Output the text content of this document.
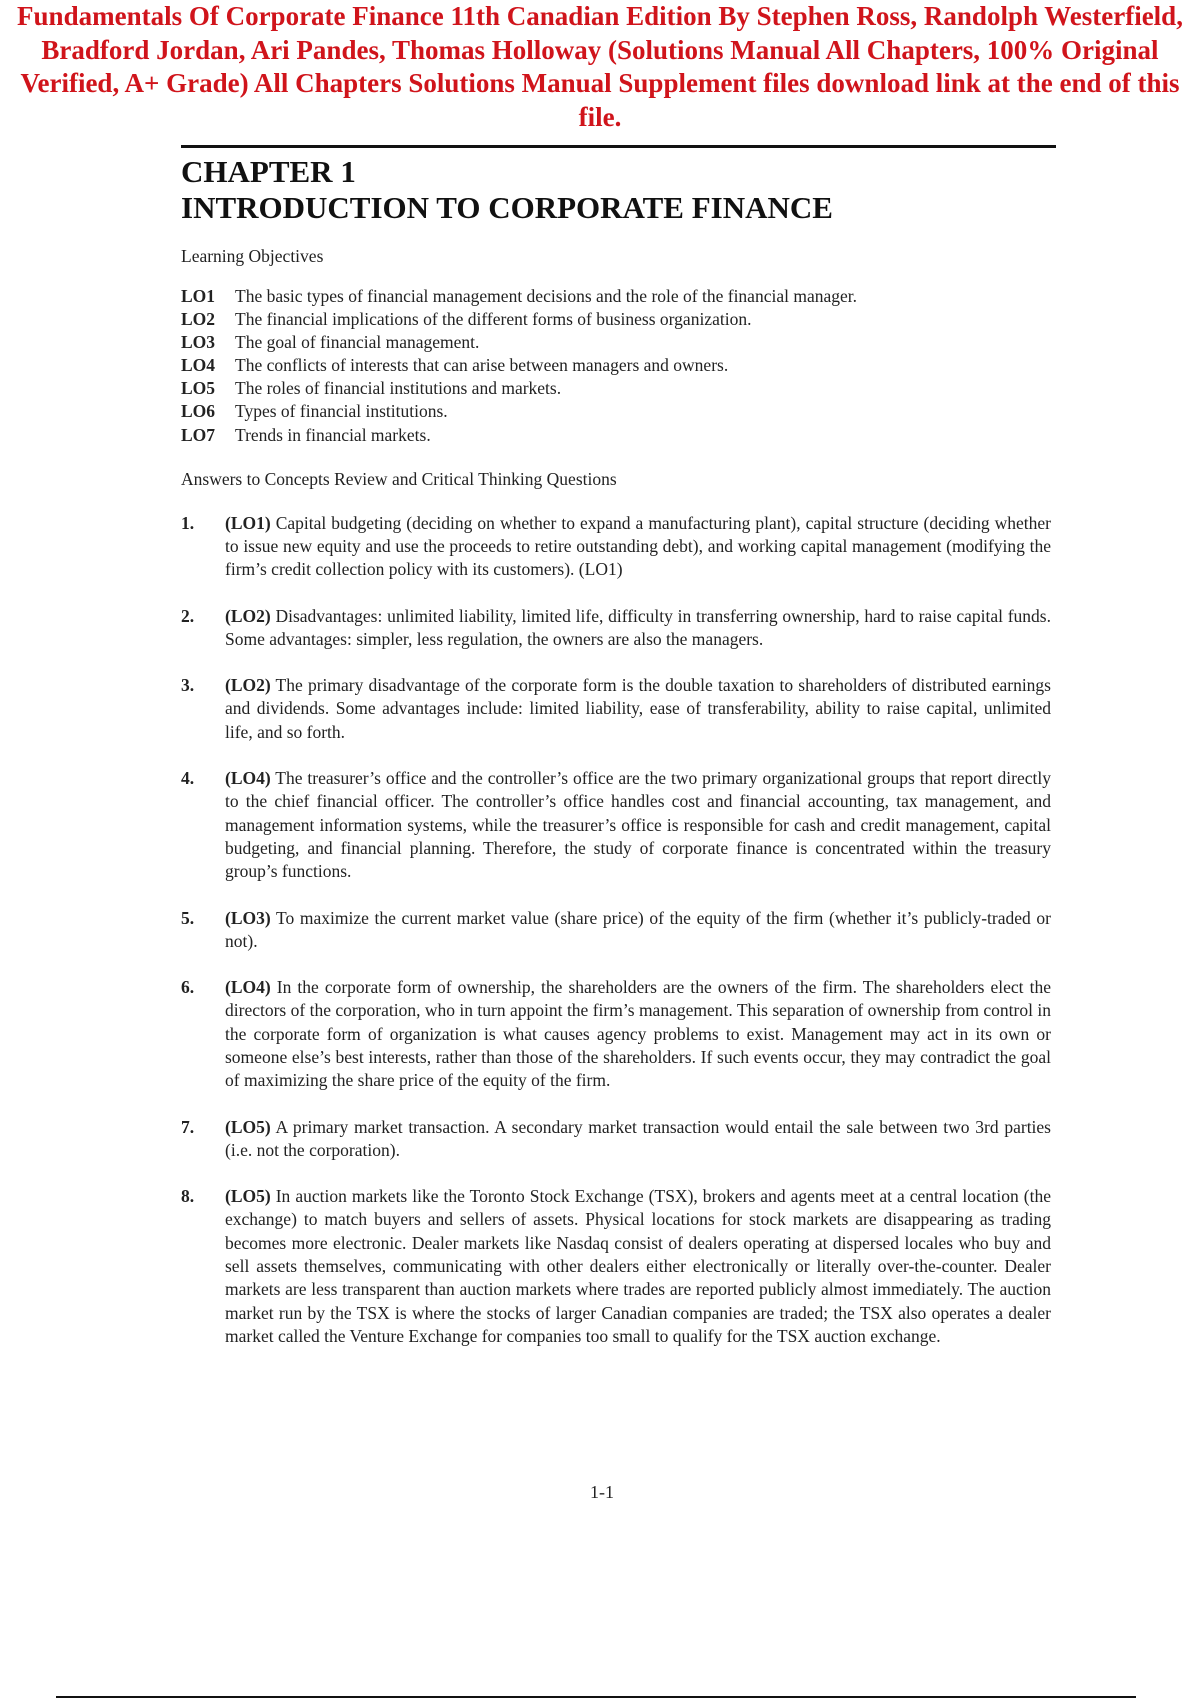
Fundamentals Of Corporate Finance 11th Canadian Edition By Stephen Ross, Randolph Westerfield,
Bradford Jordan, Ari Pandes, Thomas Holloway (Solutions Manual All Chapters, 100% Original
Verified, A+ Grade) All Chapters Solutions Manual Supplement files download link at the end of this
file.
CHAPTER 1
INTRODUCTION TO CORPORATE FINANCE
Learning Objectives
LO1	The basic types of financial management decisions and the role of the financial manager.
LO2	The financial implications of the different forms of business organization.
LO3	The goal of financial management.
LO4	The conflicts of interests that can arise between managers and owners.
LO5	The roles of financial institutions and markets.
LO6	Types of financial institutions.
LO7	Trends in financial markets.
Answers to Concepts Review and Critical Thinking Questions
1.	(LO1) Capital budgeting (deciding on whether to expand a manufacturing plant), capital structure (deciding whether to issue new equity and use the proceeds to retire outstanding debt), and working capital management (modifying the firm’s credit collection policy with its customers). (LO1)
2.	(LO2) Disadvantages: unlimited liability, limited life, difficulty in transferring ownership, hard to raise capital funds. Some advantages: simpler, less regulation, the owners are also the managers.
3.	(LO2) The primary disadvantage of the corporate form is the double taxation to shareholders of distributed earnings and dividends. Some advantages include: limited liability, ease of transferability, ability to raise capital, unlimited life, and so forth.
4.	(LO4) The treasurer’s office and the controller’s office are the two primary organizational groups that report directly to the chief financial officer. The controller’s office handles cost and financial accounting, tax management, and management information systems, while the treasurer’s office is responsible for cash and credit management, capital budgeting, and financial planning. Therefore, the study of corporate finance is concentrated within the treasury group’s functions.
5.	(LO3) To maximize the current market value (share price) of the equity of the firm (whether it’s publicly-traded or not).
6.	(LO4) In the corporate form of ownership, the shareholders are the owners of the firm. The shareholders elect the directors of the corporation, who in turn appoint the firm’s management. This separation of ownership from control in the corporate form of organization is what causes agency problems to exist. Management may act in its own or someone else’s best interests, rather than those of the shareholders. If such events occur, they may contradict the goal of maximizing the share price of the equity of the firm.
7.	(LO5) A primary market transaction. A secondary market transaction would entail the sale between two 3rd parties (i.e. not the corporation).
8.	(LO5) In auction markets like the Toronto Stock Exchange (TSX), brokers and agents meet at a central location (the exchange) to match buyers and sellers of assets. Physical locations for stock markets are disappearing as trading becomes more electronic. Dealer markets like Nasdaq consist of dealers operating at dispersed locales who buy and sell assets themselves, communicating with other dealers either electronically or literally over-the-counter. Dealer markets are less transparent than auction markets where trades are reported publicly almost immediately. The auction market run by the TSX is where the stocks of larger Canadian companies are traded; the TSX also operates a dealer market called the Venture Exchange for companies too small to qualify for the TSX auction exchange.
1-1
